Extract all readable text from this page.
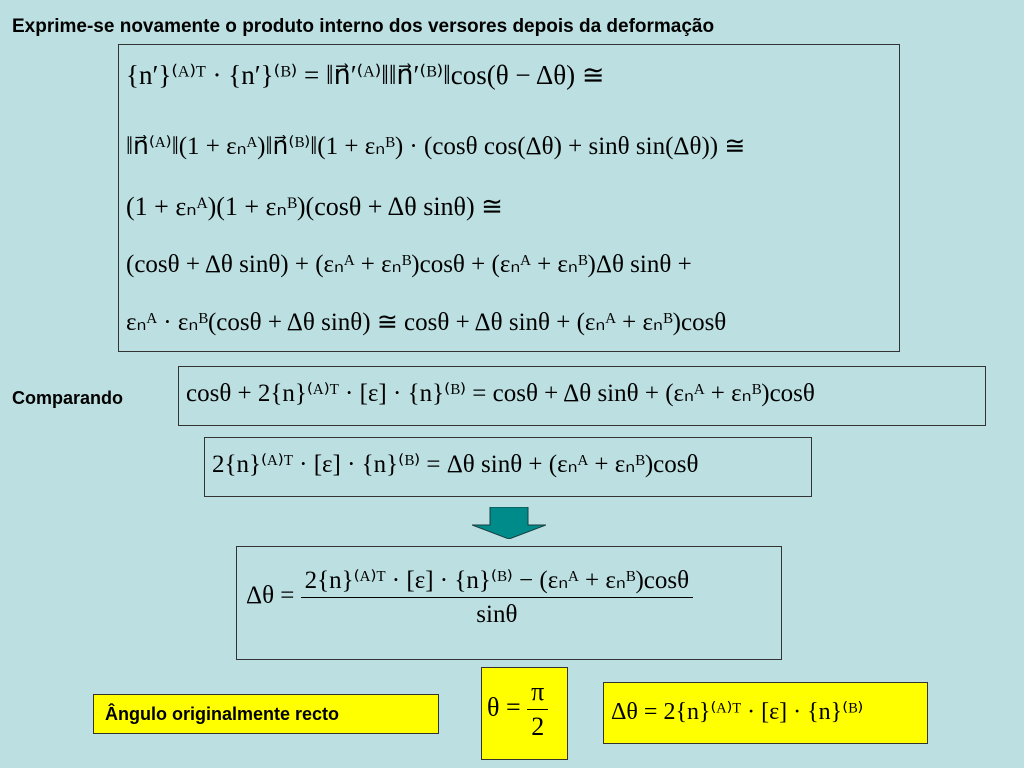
Exprime-se novamente o produto interno dos versores depois da deformação
{n′}⁽ᴬ⁾ᵀ · {n′}⁽ᴮ⁾ = ‖n⃗′⁽ᴬ⁾‖‖n⃗′⁽ᴮ⁾‖cos(θ − Δθ) ≅
‖n⃗⁽ᴬ⁾‖(1 + εₙᴬ)‖n⃗⁽ᴮ⁾‖(1 + εₙᴮ) · (cosθ cos(Δθ) + sinθ sin(Δθ)) ≅
(1 + εₙᴬ)(1 + εₙᴮ)(cosθ + Δθ sinθ) ≅
(cosθ + Δθ sinθ) + (εₙᴬ + εₙᴮ)cosθ + (εₙᴬ + εₙᴮ)Δθ sinθ +
εₙᴬ · εₙᴮ(cosθ + Δθ sinθ) ≅ cosθ + Δθ sinθ + (εₙᴬ + εₙᴮ)cosθ
Comparando	cosθ + 2{n}⁽ᴬ⁾ᵀ · [ε] · {n}⁽ᴮ⁾ = cosθ + Δθ sinθ + (εₙᴬ + εₙᴮ)cosθ
2{n}⁽ᴬ⁾ᵀ · [ε] · {n}⁽ᴮ⁾ = Δθ sinθ + (εₙᴬ + εₙᴮ)cosθ
$\Delta\theta = \frac{\text{2\{n\}⁽ᴬ⁾ᵀ · [ε] · \{n\}⁽ᴮ⁾ − (εₙᴬ + εₙᴮ)cosθ}}{\sin\theta}$
Ângulo originalmente recto	$\theta = \frac{\pi}{2}$	Δθ = 2{n}⁽ᴬ⁾ᵀ · [ε] · {n}⁽ᴮ⁾
